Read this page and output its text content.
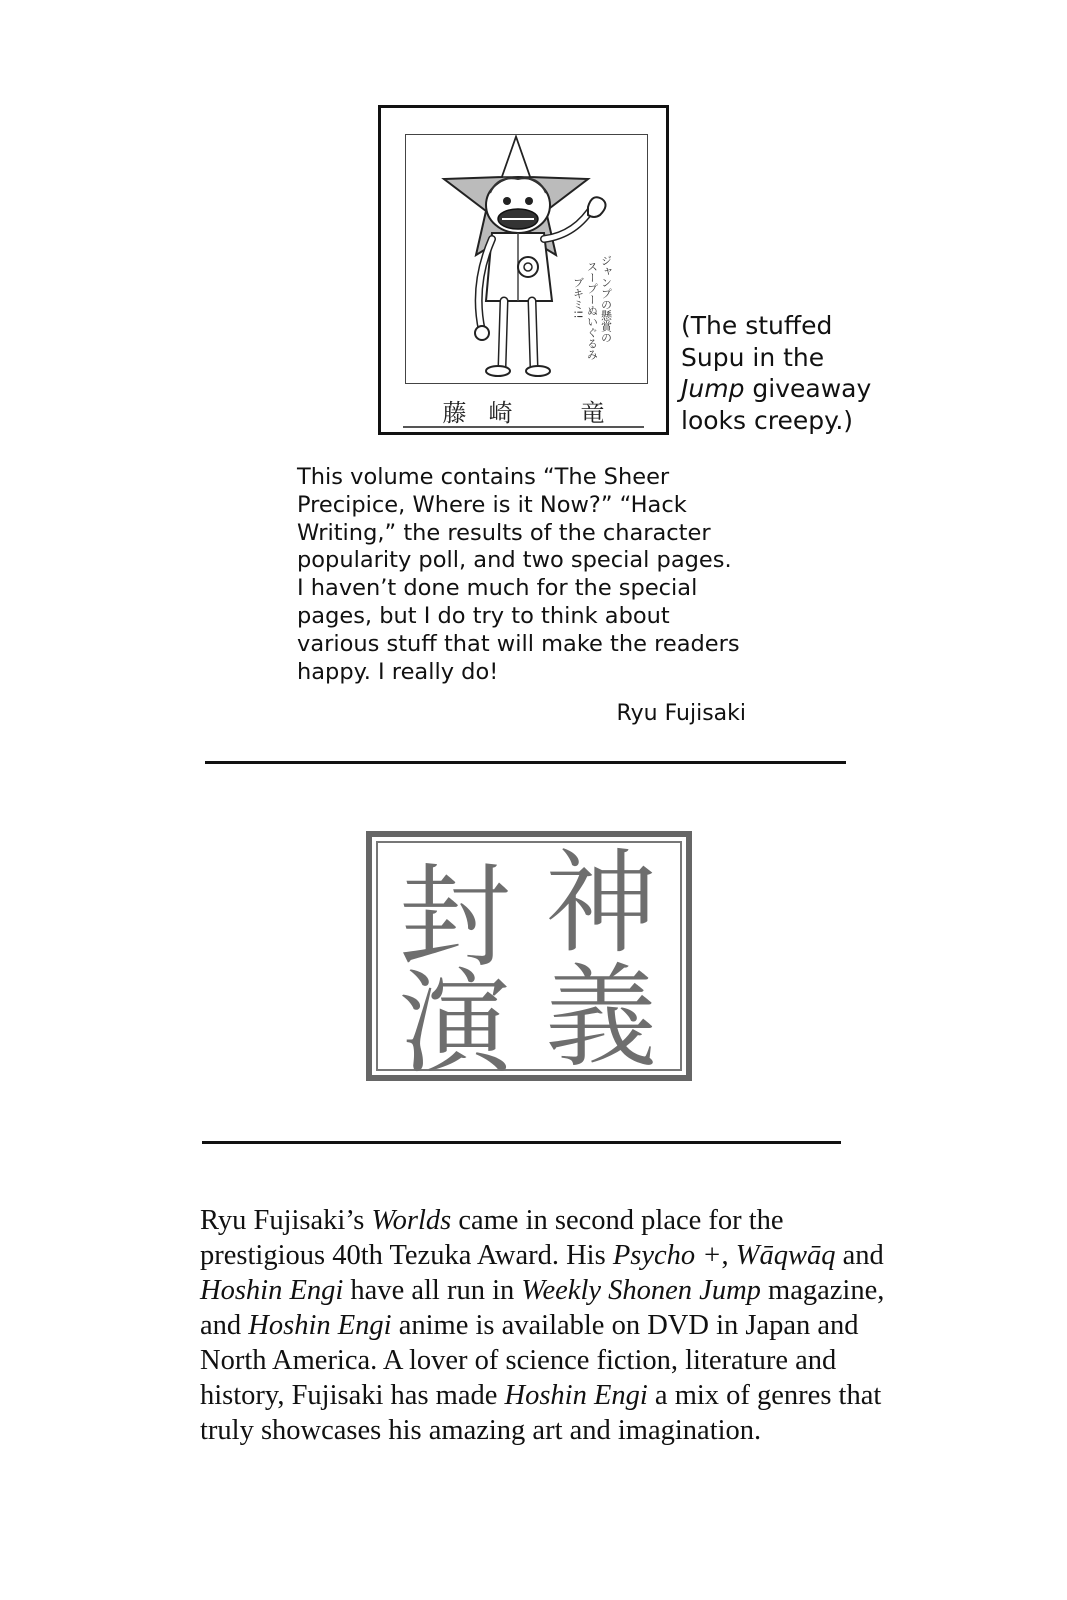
ジャンプの懸賞の
スープーぬいぐるみ
ブキミ!!
藤崎　竜
(The stuffed
Supu in the
Jump giveaway
looks creepy.)
This volume contains “The Sheer
Precipice, Where is it Now?” “Hack
Writing,” the results of the character
popularity poll, and two special pages.
I haven’t done much for the special
pages, but I do try to think about
various stuff that will make the readers
happy. I really do!
Ryu Fujisaki
神
封
義
演
Ryu Fujisaki’s Worlds came in second place for the prestigious 40th Tezuka Award. His Psycho +, Wāqwāq and Hoshin Engi have all run in Weekly Shonen Jump magazine, and Hoshin Engi anime is available on DVD in Japan and North America. A lover of science fiction, literature and history, Fujisaki has made Hoshin Engi a mix of genres that truly showcases his amazing art and imagination.
